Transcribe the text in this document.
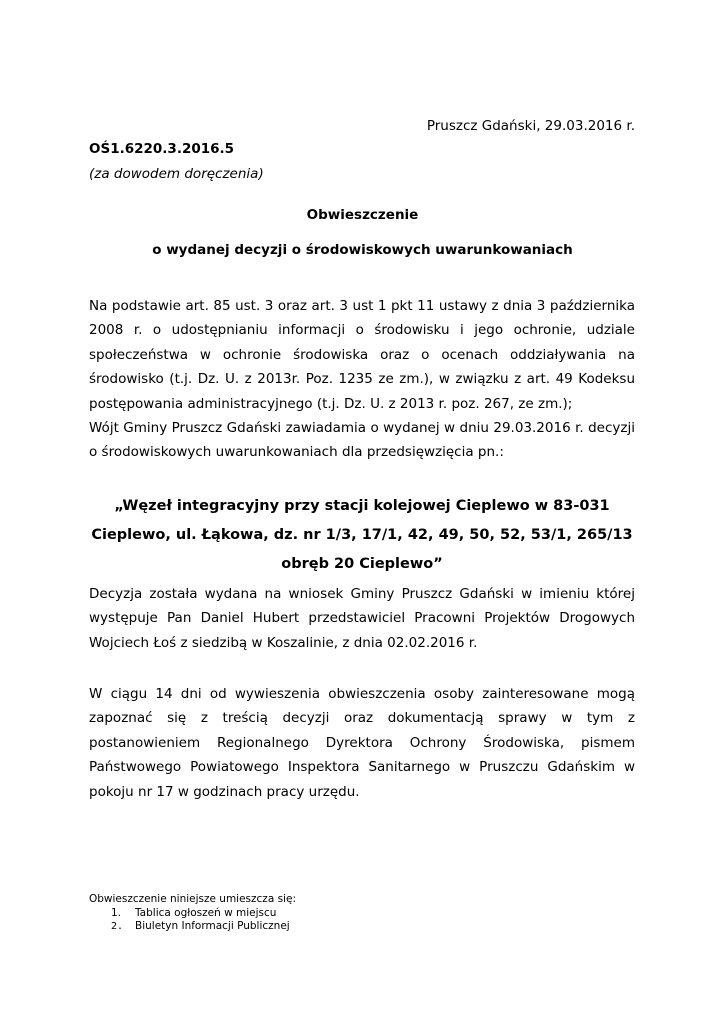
Pruszcz Gdański, 29.03.2016 r.
OŚ1.6220.3.2016.5
(za dowodem doręczenia)
Obwieszczenie
o wydanej decyzji o środowiskowych uwarunkowaniach

Na podstawie art. 85 ust. 3 oraz art. 3 ust 1 pkt 11 ustawy z dnia 3 października 2008 r. o udostępnianiu informacji o środowisku i jego ochronie, udziale społeczeństwa w ochronie środowiska oraz o ocenach oddziaływania na środowisko (t.j. Dz. U. z 2013r. Poz. 1235 ze zm.), w związku z art. 49 Kodeksu postępowania administracyjnego (t.j. Dz. U. z 2013 r. poz. 267, ze zm.);

Wójt Gminy Pruszcz Gdański zawiadamia o wydanej w dniu 29.03.2016 r. decyzji o środowiskowych uwarunkowaniach dla przedsięwzięcia pn.:

„Węzeł integracyjny przy stacji kolejowej Cieplewo w 83-031 Cieplewo, ul. Łąkowa, dz. nr 1/3, 17/1, 42, 49, 50, 52, 53/1, 265/13 obręb 20 Cieplewo”
Decyzja została wydana na wniosek Gminy Pruszcz Gdański w imieniu której występuje Pan Daniel Hubert przedstawiciel Pracowni Projektów Drogowych Wojciech Łoś z siedzibą w Koszalinie, z dnia 02.02.2016 r.
W ciągu 14 dni od wywieszenia obwieszczenia osoby zainteresowane mogą zapoznać się z treścią decyzji oraz dokumentacją sprawy w tym z postanowieniem Regionalnego Dyrektora Ochrony Środowiska, pismem Państwowego Powiatowego Inspektora Sanitarnego w Pruszczu Gdańskim w pokoju nr 17 w godzinach pracy urzędu.
Obwieszczenie niniejsze umieszcza się:
1.	Tablica ogłoszeń w miejscu
2.	Biuletyn Informacji Publicznej
